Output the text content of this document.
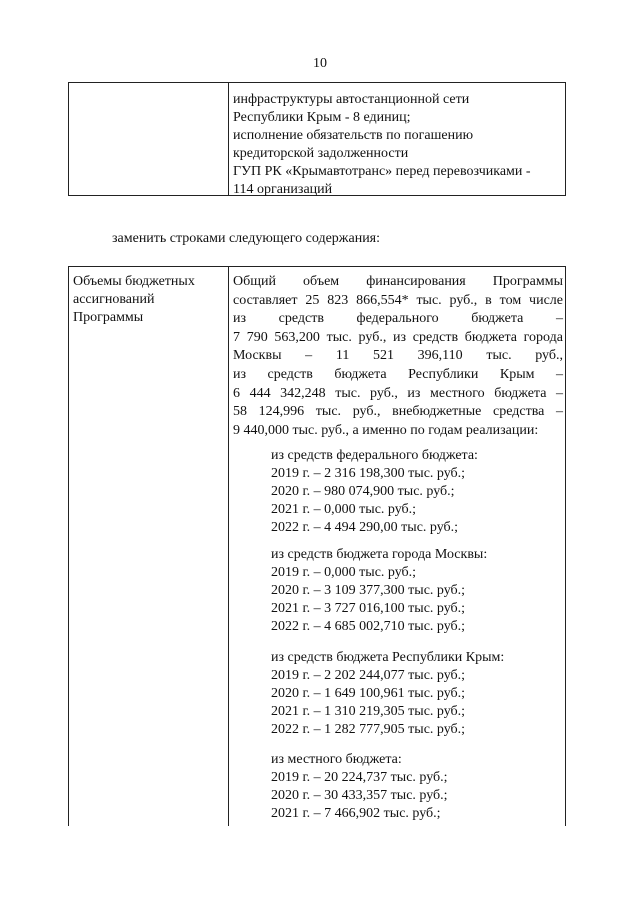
10
инфраструктуры автостанционной сети
Республики Крым - 8 единиц;
исполнение обязательств по погашению
кредиторской задолженности
ГУП РК «Крымавтотранс» перед перевозчиками -
114 организаций
заменить строками следующего содержания:
Объемы бюджетных ассигнований Программы

Общий объем финансирования Программы

составляет 25 823 866,554* тыс. руб., в том числе

из средств федерального бюджета –

7 790 563,200 тыс. руб., из средств бюджета города

Москвы – 11 521 396,110 тыс. руб.,

из средств бюджета Республики Крым –

6 444 342,248 тыс. руб., из местного бюджета –

58 124,996 тыс. руб., внебюджетные средства –

9 440,000 тыс. руб., а именно по годам реализации:

из средств федерального бюджета:
2019 г. – 2 316 198,300 тыс. руб.;
2020 г. – 980 074,900 тыс. руб.;
2021 г. – 0,000 тыс. руб.;
2022 г. – 4 494 290,00 тыс. руб.;
из средств бюджета города Москвы:
2019 г. – 0,000 тыс. руб.;
2020 г. – 3 109 377,300 тыс. руб.;
2021 г. – 3 727 016,100 тыс. руб.;
2022 г. – 4 685 002,710 тыс. руб.;
из средств бюджета Республики Крым:
2019 г. – 2 202 244,077 тыс. руб.;
2020 г. – 1 649 100,961 тыс. руб.;
2021 г. – 1 310 219,305 тыс. руб.;
2022 г. – 1 282 777,905 тыс. руб.;
из местного бюджета:
2019 г. – 20 224,737 тыс. руб.;
2020 г. – 30 433,357 тыс. руб.;
2021 г. – 7 466,902 тыс. руб.;
